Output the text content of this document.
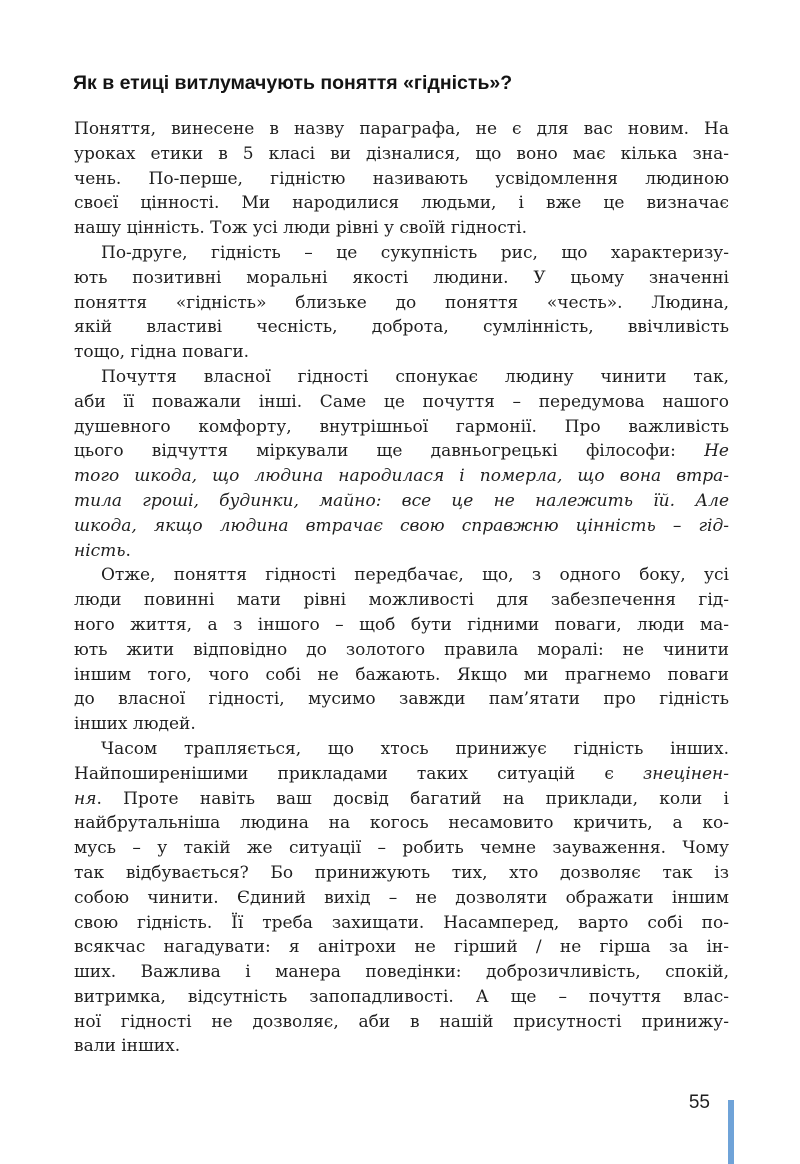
Як в етиці витлумачують поняття «гідність»?
Поняття, винесене в назву параграфа, не є для вас новим. На
уроках етики в 5 класі ви дізналися, що воно має кілька зна-
чень. По-перше, гідністю називають усвідомлення людиною
своєї цінності. Ми народилися людьми, і вже це визначає
нашу цінність. Тож усі люди рівні у своїй гідності.
По-друге, гідність – це сукупність рис, що характеризу-
ють позитивні моральні якості людини. У цьому значенні
поняття «гідність» близьке до поняття «честь». Людина,
якій властиві чесність, доброта, сумлінність, ввічливість
тощо, гідна поваги.
Почуття власної гідності спонукає людину чинити так,
аби її поважали інші. Саме це почуття – передумова нашого
душевного комфорту, внутрішньої гармонії. Про важливість
цього відчуття міркували ще давньогрецькі філософи: Не
того шкода, що людина народилася і померла, що вона втра-
тила гроші, будинки, майно: все це не належить їй. Але
шкода, якщо людина втрачає свою справжню цінність – гід-
ність.
Отже, поняття гідності передбачає, що, з одного боку, усі
люди повинні мати рівні можливості для забезпечення гід-
ного життя, а з іншого – щоб бути гідними поваги, люди ма-
ють жити відповідно до золотого правила моралі: не чинити
іншим того, чого собі не бажають. Якщо ми прагнемо поваги
до власної гідності, мусимо завжди пам’ятати про гідність
інших людей.
Часом трапляється, що хтось принижує гідність інших.
Найпоширенішими прикладами таких ситуацій є знецінен-
ня. Проте навіть ваш досвід багатий на приклади, коли і
найбрутальніша людина на когось несамовито кричить, а ко-
мусь – у такій же ситуації – робить чемне зауваження. Чому
так відбувається? Бо принижують тих, хто дозволяє так із
собою чинити. Єдиний вихід – не дозволяти ображати іншим
свою гідність. Її треба захищати. Насамперед, варто собі по-
всякчас нагадувати: я анітрохи не гірший / не гірша за ін-
ших. Важлива і манера поведінки: доброзичливість, спокій,
витримка, відсутність запопадливості. А ще – почуття влас-
ної гідності не дозволяє, аби в нашій присутності принижу-
вали інших.
55
